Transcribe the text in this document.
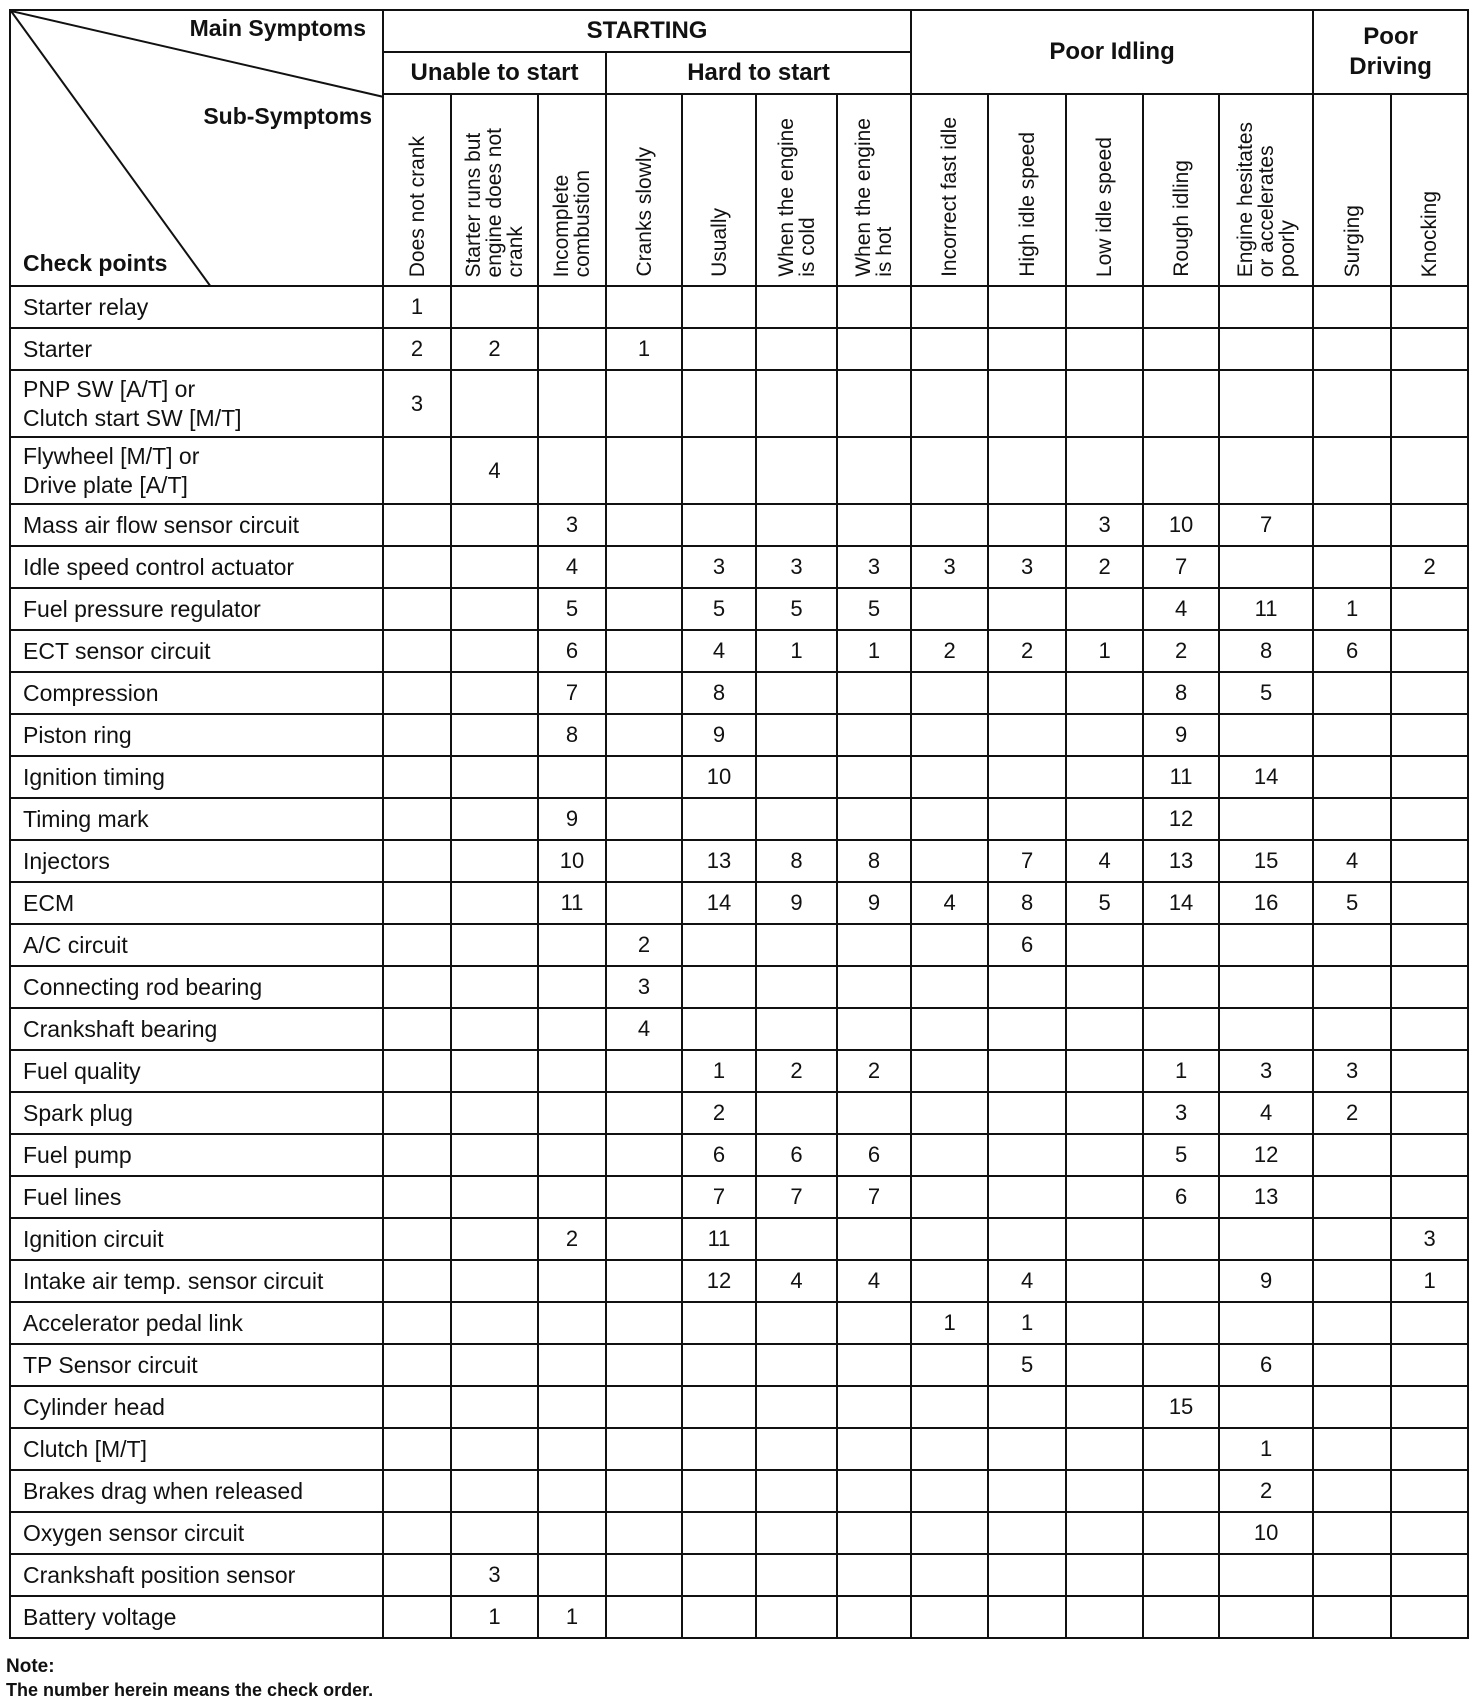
Main Symptoms
Sub-Symptoms
Check points	STARTING							Poor Idling					Poor
Driving	
	Unable to start			Hard to start										

	Does not crank	Starter runs but
engine does not
crank	Incomplete
combustion	Cranks slowly	Usually	When the engine
is cold	When the engine
is hot	Incorrect fast idle	High idle speed	Low idle speed	Rough idling	Engine hesitates
or accelerates
poorly	Surging	Knocking

Starter relay	1													
Starter	2	2		1										
PNP SW [A/T] or
Clutch start SW [M/T]	3													
Flywheel [M/T] or
Drive plate [A/T]		4												
Mass air flow sensor circuit			3							3	10	7		
Idle speed control actuator			4		3	3	3	3	3	2	7			2
Fuel pressure regulator			5		5	5	5				4	11	1	
ECT sensor circuit			6		4	1	1	2	2	1	2	8	6	
Compression			7		8						8	5		
Piston ring			8		9						9			
Ignition timing					10						11	14		
Timing mark			9								12			
Injectors			10		13	8	8		7	4	13	15	4	
ECM			11		14	9	9	4	8	5	14	16	5	
A/C circuit				2					6					
Connecting rod bearing				3										
Crankshaft bearing				4										
Fuel quality					1	2	2				1	3	3	
Spark plug					2						3	4	2	
Fuel pump					6	6	6				5	12		
Fuel lines					7	7	7				6	13		
Ignition circuit			2		11									3
Intake air temp. sensor circuit					12	4	4		4			9		1
Accelerator pedal link								1	1					
TP Sensor circuit									5			6		
Cylinder head											15			
Clutch [M/T]												1		
Brakes drag when released												2		
Oxygen sensor circuit												10		
Crankshaft position sensor		3												
Battery voltage		1	1											
Note:
The number herein means the check order.
